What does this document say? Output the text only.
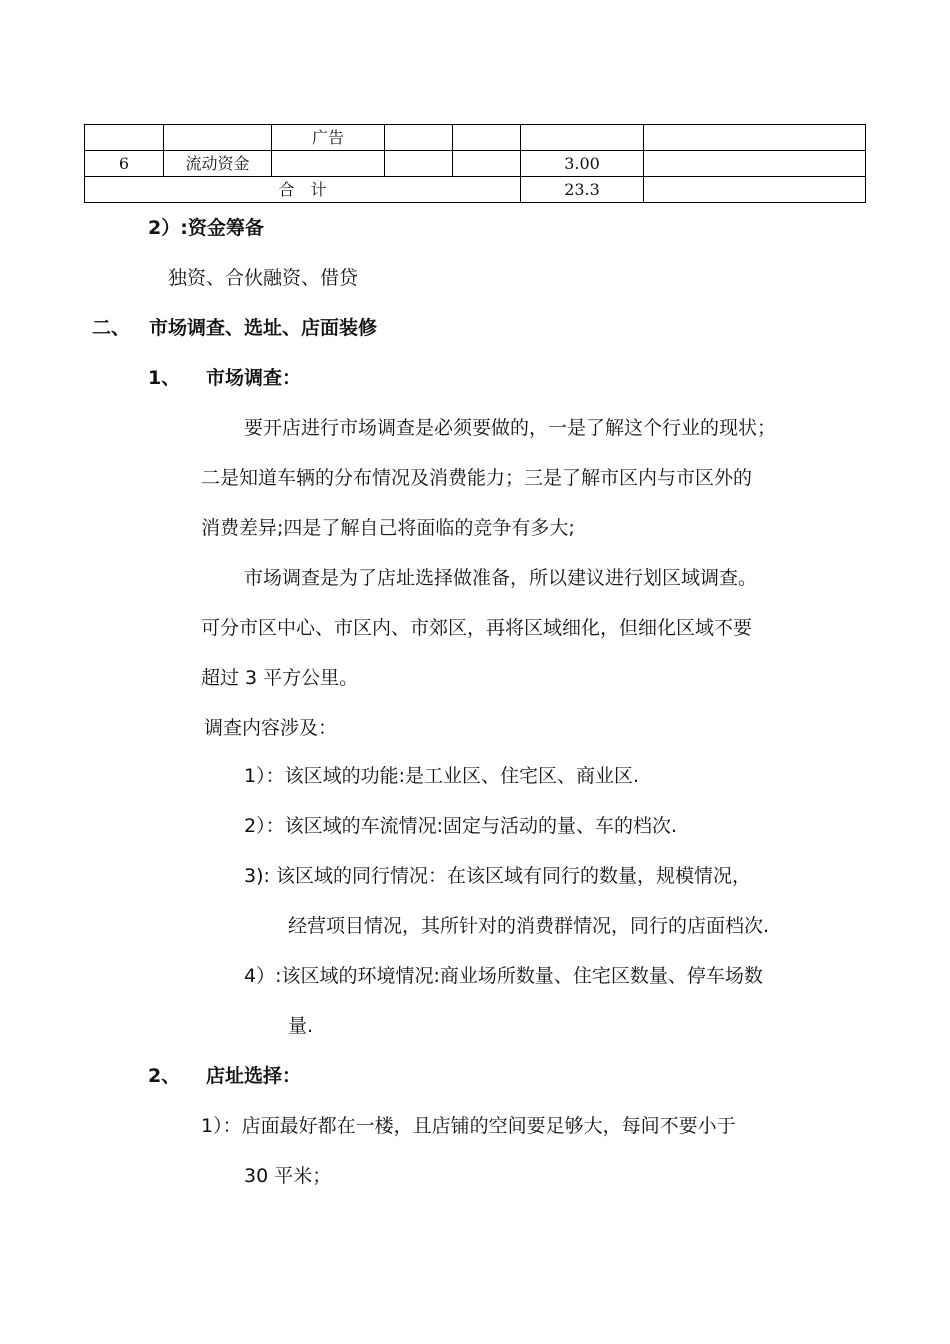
		广告				
6	流动资金				3.00	
合　计					23.3	
2）:资金筹备
独资、合伙融资、借贷
二、 市场调查、选址、店面装修
1、 市场调查：
要开店进行市场调查是必须要做的，一是了解这个行业的现状；
二是知道车辆的分布情况及消费能力；三是了解市区内与市区外的
消费差异;四是了解自己将面临的竞争有多大;
市场调查是为了店址选择做准备，所以建议进行划区域调查。
可分市区中心、市区内、市郊区，再将区域细化，但细化区域不要
超过 3 平方公里。
调查内容涉及：
1）：该区域的功能:是工业区、住宅区、商业区.
2）：该区域的车流情况:固定与活动的量、车的档次.
3): 该区域的同行情况：在该区域有同行的数量，规模情况，
经营项目情况，其所针对的消费群情况，同行的店面档次.
4）:该区域的环境情况:商业场所数量、住宅区数量、停车场数
量.
2、 店址选择：
1）：店面最好都在一楼，且店铺的空间要足够大，每间不要小于
30 平米；
